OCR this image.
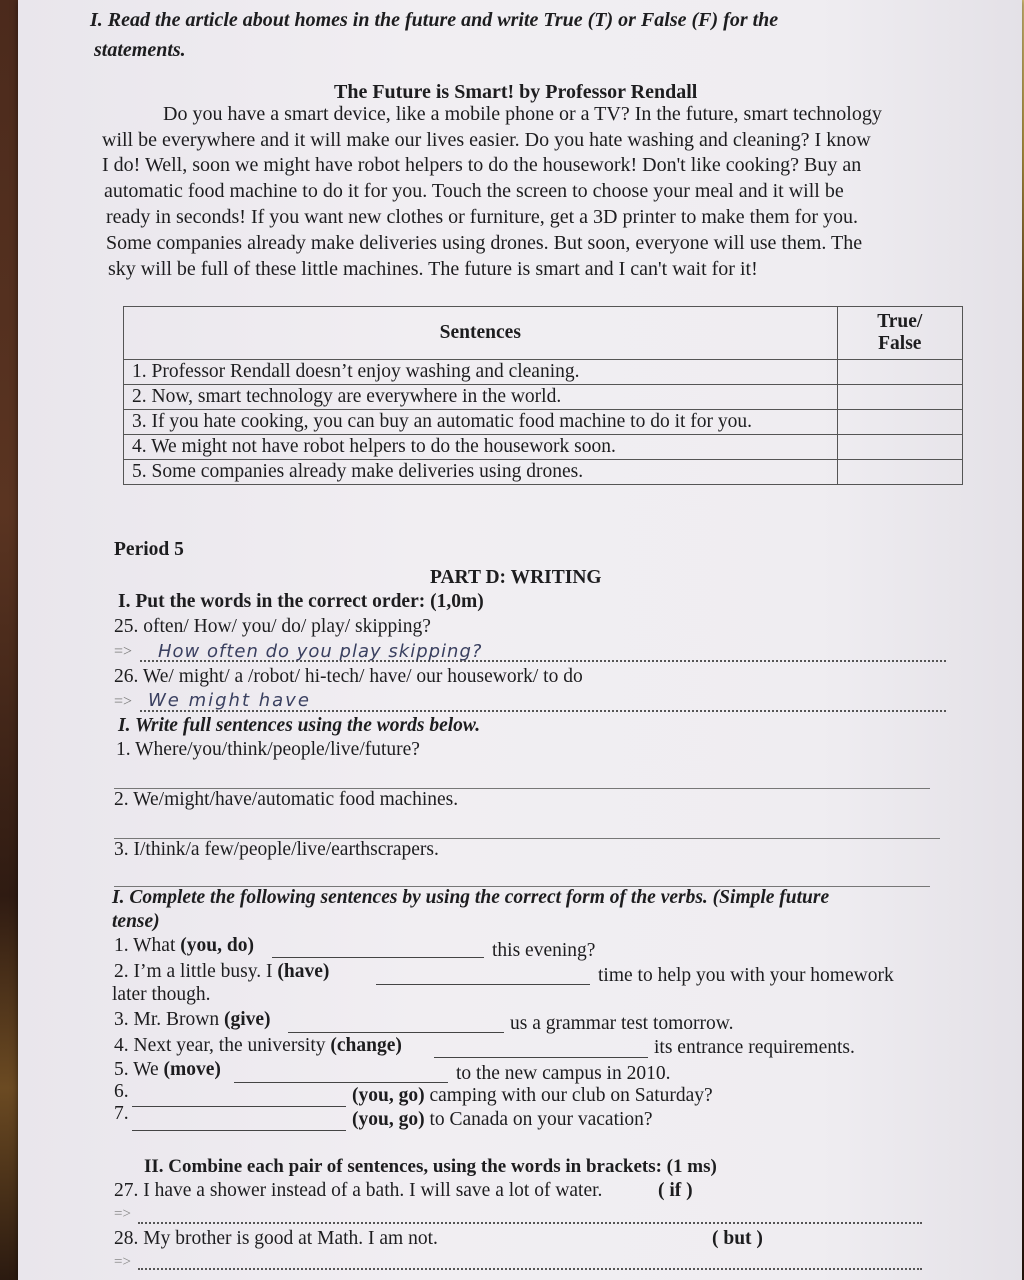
I. Read the article about homes in the future and write True (T) or False (F) for the
statements.
The Future is Smart! by Professor Rendall
Do you have a smart device, like a mobile phone or a TV? In the future, smart technology
will be everywhere and it will make our lives easier. Do you hate washing and cleaning? I know
I do! Well, soon we might have robot helpers to do the housework! Don't like cooking? Buy an
automatic food machine to do it for you. Touch the screen to choose your meal and it will be
ready in seconds! If you want new clothes or furniture, get a 3D printer to make them for you.
Some companies already make deliveries using drones. But soon, everyone will use them. The
sky will be full of these little machines. The future is smart and I can't wait for it!
Sentences	True/
False

1. Professor Rendall doesn’t enjoy washing and cleaning.	
2. Now, smart technology are everywhere in the world.	
3. If you hate cooking, you can buy an automatic food machine to do it for you.	
4. We might not have robot helpers to do the housework soon.	
5. Some companies already make deliveries using drones.	
Period 5
PART D: WRITING
I. Put the words in the correct order: (1,0m)
25. often/ How/ you/ do/ play/ skipping?
=> How often do you play skipping?
26. We/ might/ a /robot/ hi-tech/ have/ our housework/ to do
=> We might have
I. Write full sentences using the words below.
1. Where/you/think/people/live/future?
2. We/might/have/automatic food machines.
3. I/think/a few/people/live/earthscrapers.
I. Complete the following sentences by using the correct form of the verbs. (Simple future
tense)
1. What (you, do)	this evening?
2. I’m a little busy. I (have)	time to help you with your homework
later though.
3. Mr. Brown (give)	us a grammar test tomorrow.
4. Next year, the university (change)	its entrance requirements.
5. We (move)	to the new campus in 2010.
6.	(you, go) camping with our club on Saturday?
7.	(you, go) to Canada on your vacation?
II. Combine each pair of sentences, using the words in brackets: (1 ms)
27. I have a shower instead of a bath. I will save a lot of water.	( if )
=>
28. My brother is good at Math. I am not.	( but )
=>
